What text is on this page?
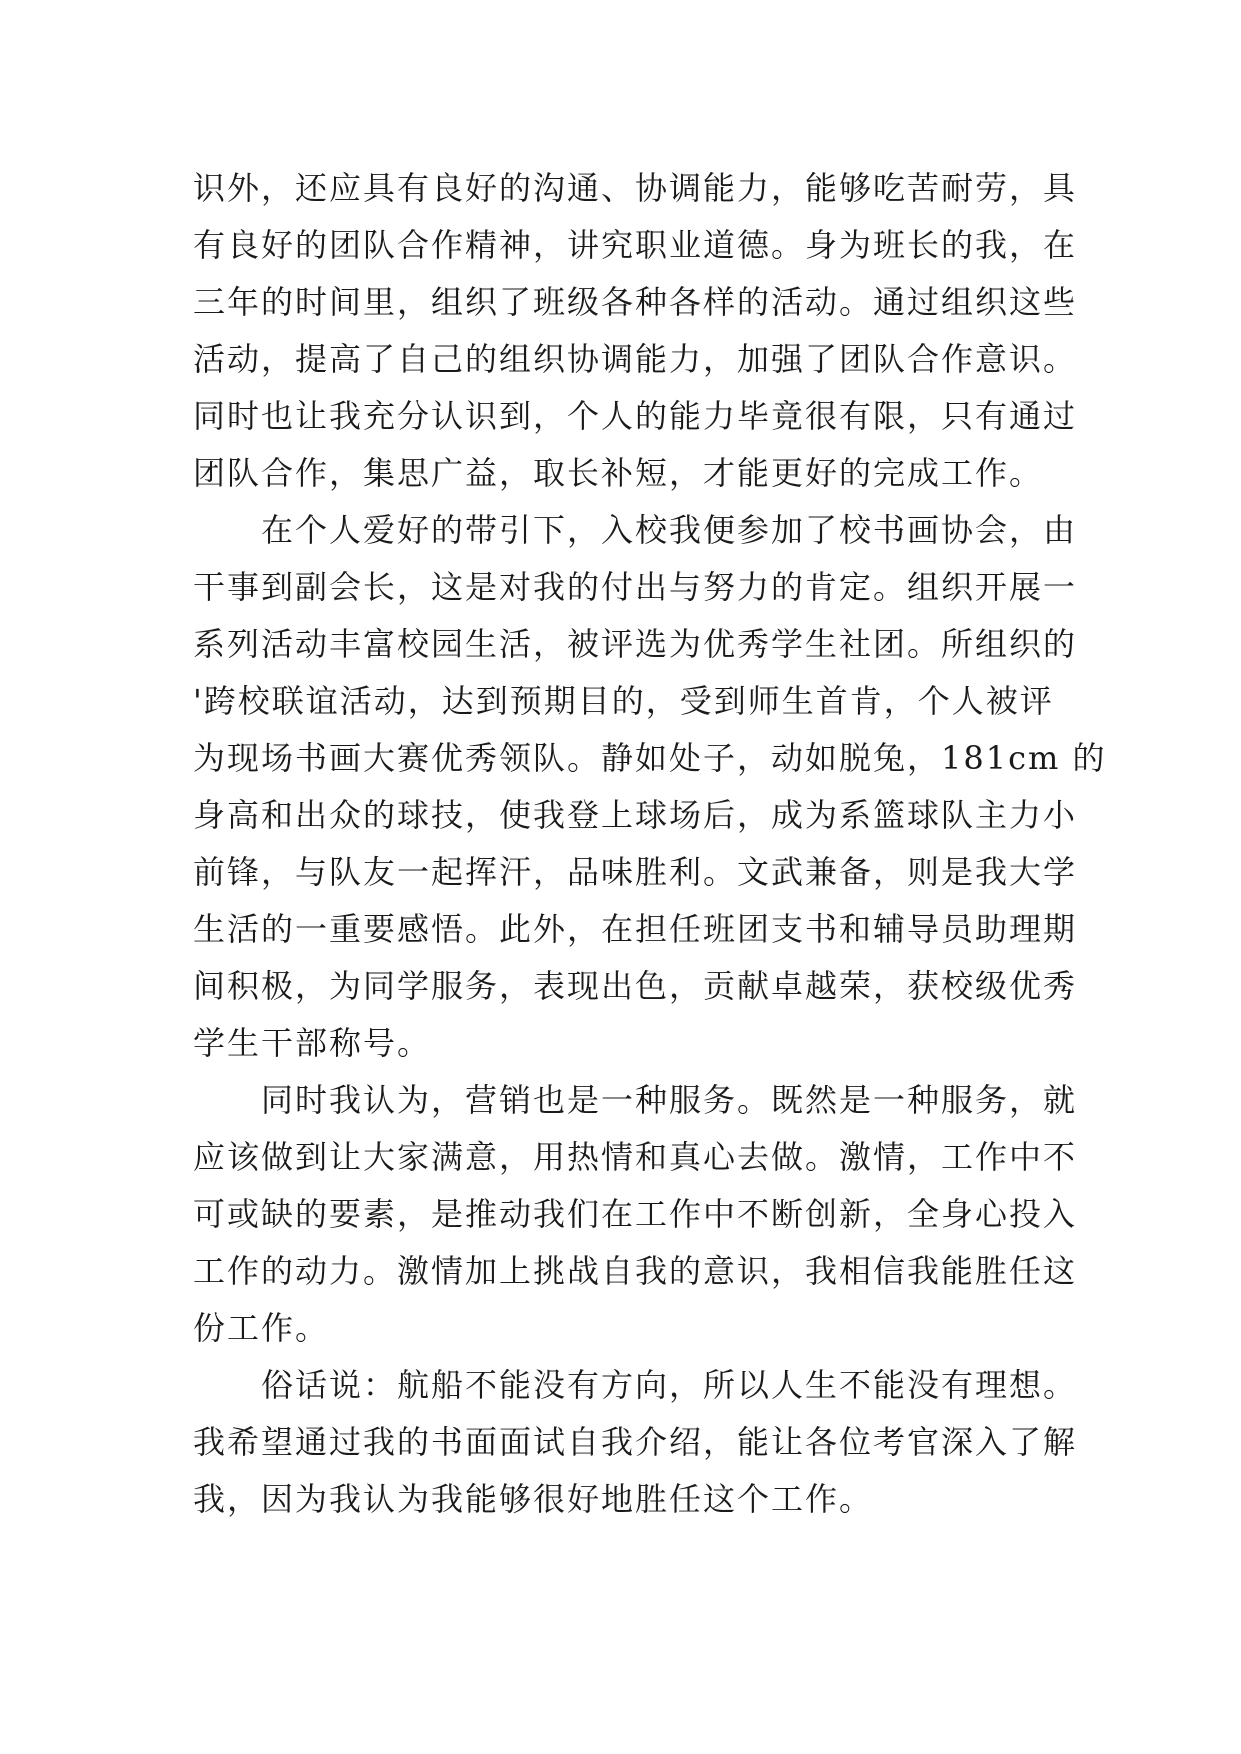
识外，还应具有良好的沟通、协调能力，能够吃苦耐劳，具
有良好的团队合作精神，讲究职业道德。身为班长的我，在
三年的时间里，组织了班级各种各样的活动。通过组织这些
活动，提高了自己的组织协调能力，加强了团队合作意识。
同时也让我充分认识到，个人的能力毕竟很有限，只有通过
团队合作，集思广益，取长补短，才能更好的完成工作。
　　在个人爱好的带引下，入校我便参加了校书画协会，由
干事到副会长，这是对我的付出与努力的肯定。组织开展一
系列活动丰富校园生活，被评选为优秀学生社团。所组织的
'跨校联谊活动，达到预期目的，受到师生首肯，个人被评
为现场书画大赛优秀领队。静如处子，动如脱兔，181cm 的
身高和出众的球技，使我登上球场后，成为系篮球队主力小
前锋，与队友一起挥汗，品味胜利。文武兼备，则是我大学
生活的一重要感悟。此外，在担任班团支书和辅导员助理期
间积极，为同学服务，表现出色，贡献卓越荣，获校级优秀
学生干部称号。
　　同时我认为，营销也是一种服务。既然是一种服务，就
应该做到让大家满意，用热情和真心去做。激情，工作中不
可或缺的要素，是推动我们在工作中不断创新，全身心投入
工作的动力。激情加上挑战自我的意识，我相信我能胜任这
份工作。
　　俗话说：航船不能没有方向，所以人生不能没有理想。
我希望通过我的书面面试自我介绍，能让各位考官深入了解
我，因为我认为我能够很好地胜任这个工作。
